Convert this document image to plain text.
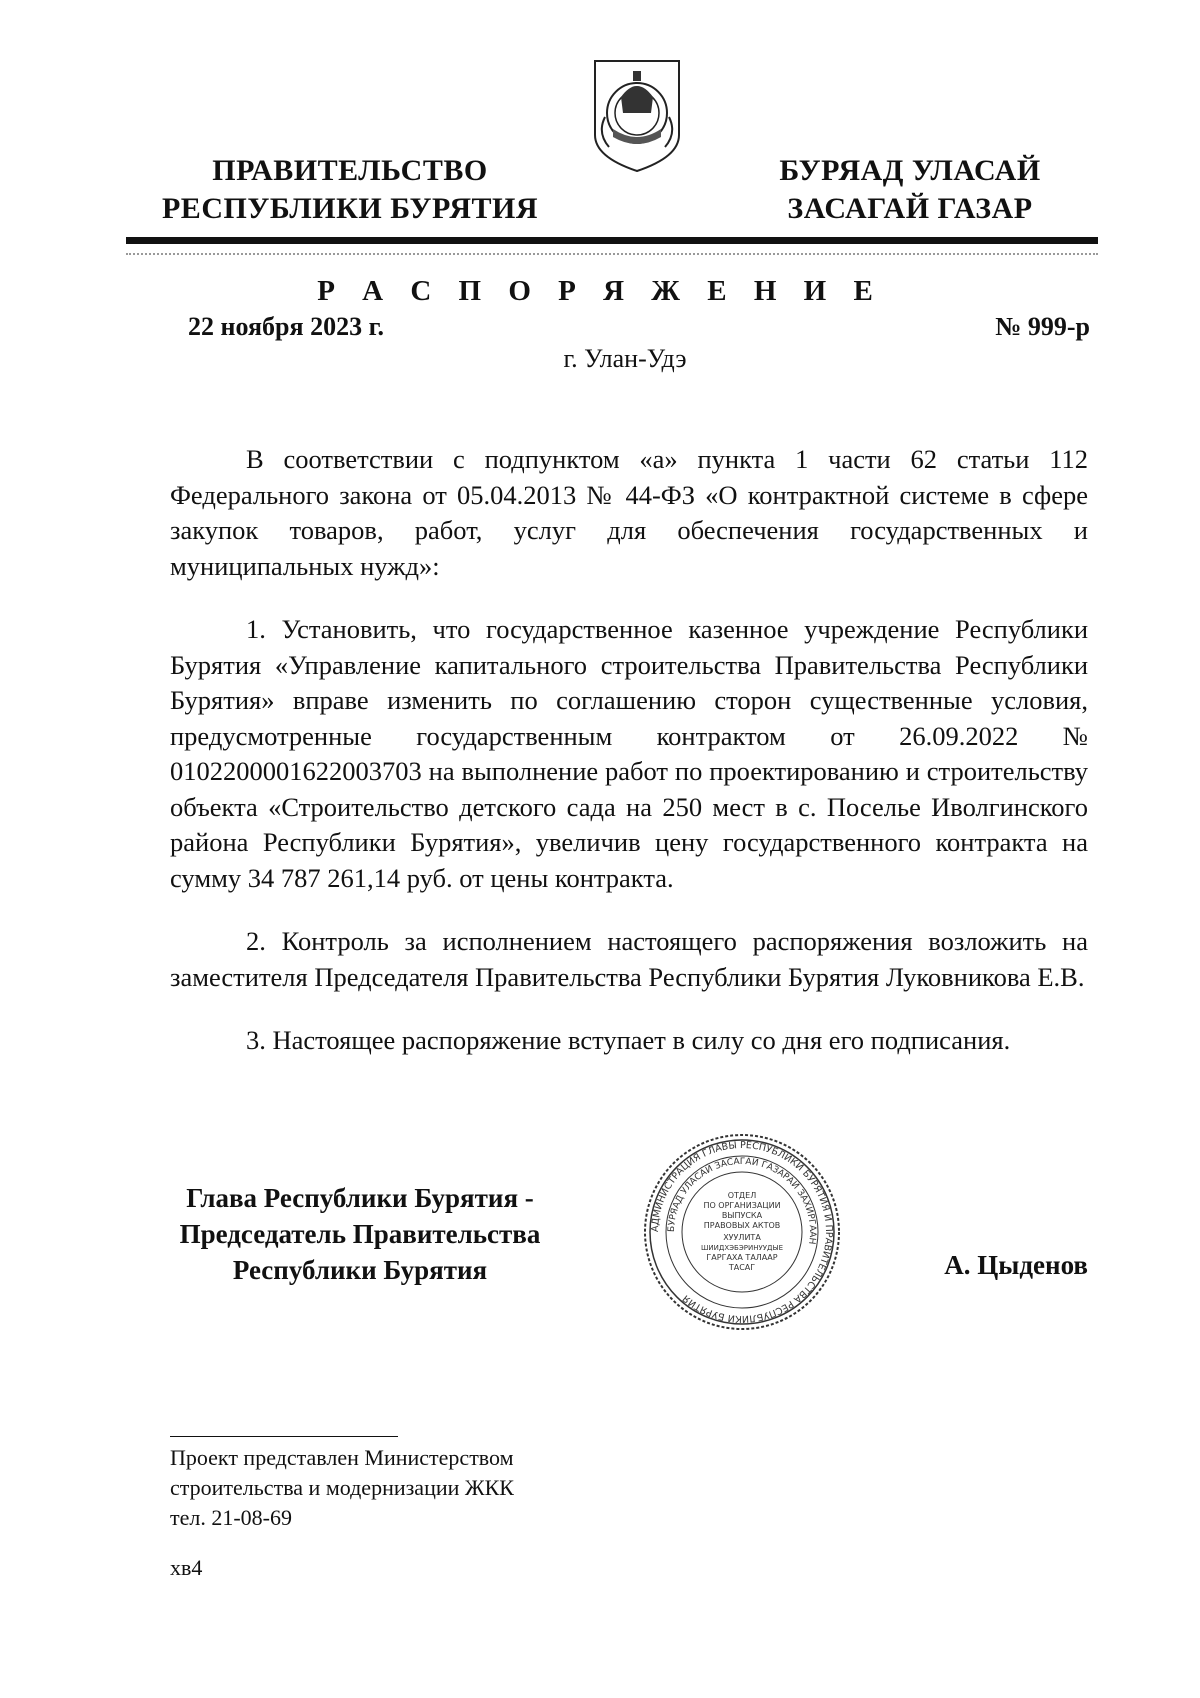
ПРАВИТЕЛЬСТВО
РЕСПУБЛИКИ БУРЯТИЯ
БУРЯАД УЛАСАЙ
ЗАСАГАЙ ГАЗАР
Р А С П О Р Я Ж Е Н И Е
22 ноября 2023 г.	№ 999-р
г. Улан-Удэ

В соответствии с подпунктом «а» пункта 1 части 62 статьи 112 Федерального закона от 05.04.2013 № 44-ФЗ «О контрактной системе в сфере закупок товаров, работ, услуг для обеспечения государственных и муниципальных нужд»:

1. Установить, что государственное казенное учреждение Республики Бурятия «Управление капитального строительства Правительства Республики Бурятия» вправе изменить по соглашению сторон существенные условия, предусмотренные государственным контрактом от 26.09.2022 № 0102200001622003703 на выполнение работ по проектированию и строительству объекта «Строительство детского сада на 250 мест в с. Поселье Иволгинского района Республики Бурятия», увеличив цену государственного контракта на сумму 34 787 261,14 руб. от цены контракта.

2. Контроль за исполнением настоящего распоряжения возложить на заместителя Председателя Правительства Республики Бурятия Луковникова Е.В.

3. Настоящее распоряжение вступает в силу со дня его подписания.

Глава Республики Бурятия -
Председатель Правительства
Республики Бурятия
АДМИНИСТРАЦИЯ ГЛАВЫ РЕСПУБЛИКИ БУРЯТИЯ И ПРАВИТЕЛЬСТВА РЕСПУБЛИКИ БУРЯТИЯ
БУРЯАД УЛАСАЙ ЗАСАГАЙ ГАЗАРАЙ ЗАХИРГААН
ОТДЕЛ
ПО ОРГАНИЗАЦИИ
ВЫПУСКА
ПРАВОВЫХ АКТОВ
ХУУЛИТА
ШИИДХЭБЭРИНУУДЫЕ
ГАРГАХА ТАЛААР
ТАСАГ	А. Цыденов
Проект представлен Министерством
строительства и модернизации ЖКК
тел. 21-08-69
хв4
